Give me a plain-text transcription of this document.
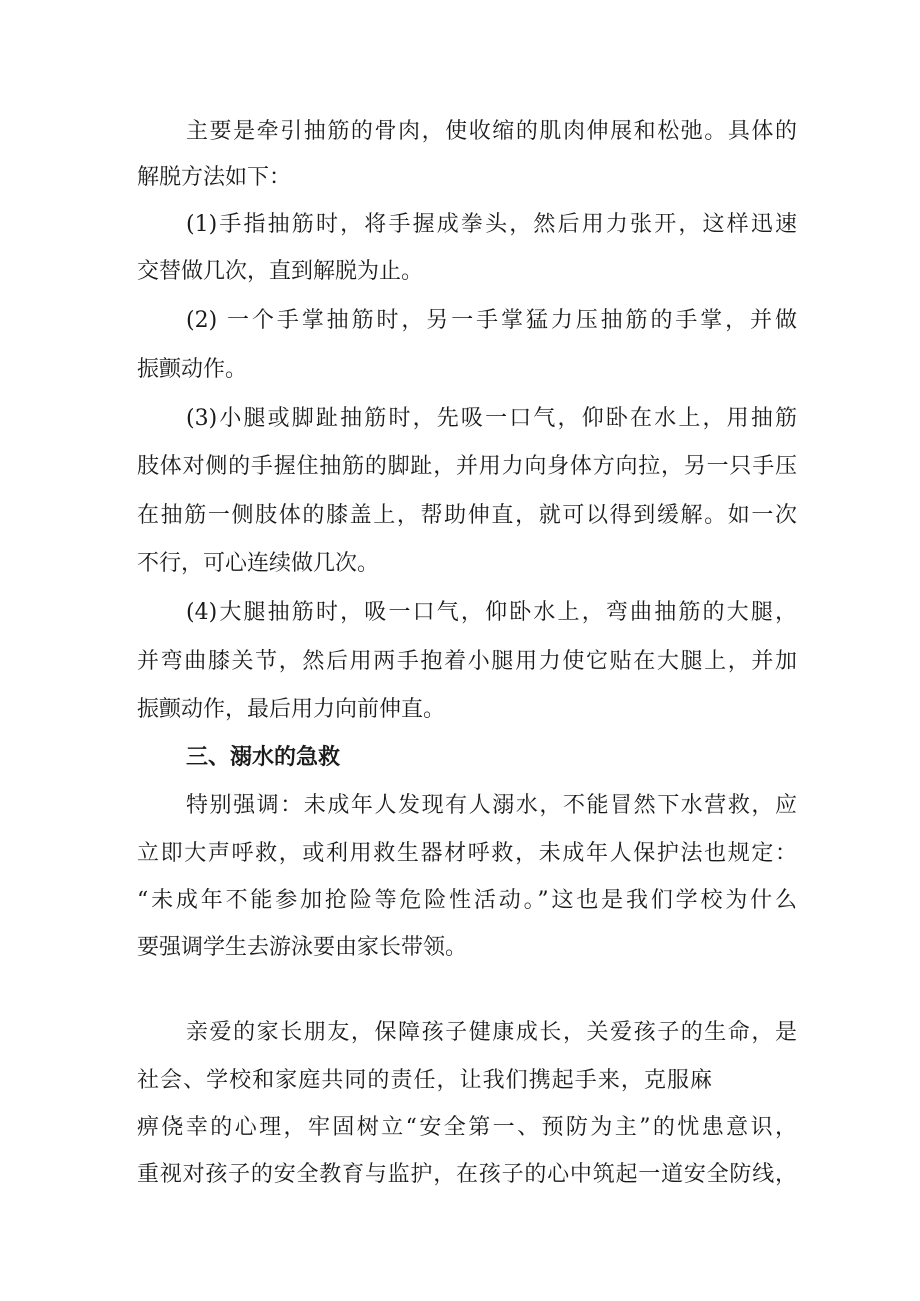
主要是牵引抽筋的骨肉，使收缩的肌肉伸展和松弛。具体的

解脱方法如下：

(1)手指抽筋时，将手握成拳头，然后用力张开，这样迅速

交替做几次，直到解脱为止。

(2) 一个手掌抽筋时，另一手掌猛力压抽筋的手掌，并做

振颤动作。

(3)小腿或脚趾抽筋时，先吸一口气，仰卧在水上，用抽筋

肢体对侧的手握住抽筋的脚趾，并用力向身体方向拉，另一只手压

在抽筋一侧肢体的膝盖上，帮助伸直，就可以得到缓解。如一次

不行，可心连续做几次。

(4)大腿抽筋时，吸一口气，仰卧水上，弯曲抽筋的大腿，

并弯曲膝关节，然后用两手抱着小腿用力使它贴在大腿上，并加

振颤动作，最后用力向前伸直。

三、溺水的急救

特别强调：未成年人发现有人溺水，不能冒然下水营救，应

立即大声呼救，或利用救生器材呼救，未成年人保护法也规定：

“未成年不能参加抢险等危险性活动。”这也是我们学校为什么

要强调学生去游泳要由家长带领。

亲爱的家长朋友，保障孩子健康成长，关爱孩子的生命，是

社会、学校和家庭共同的责任，让我们携起手来，克服麻

痹侥幸的心理，牢固树立“安全第一、预防为主”的忧患意识，

重视对孩子的安全教育与监护，在孩子的心中筑起一道安全防线，
